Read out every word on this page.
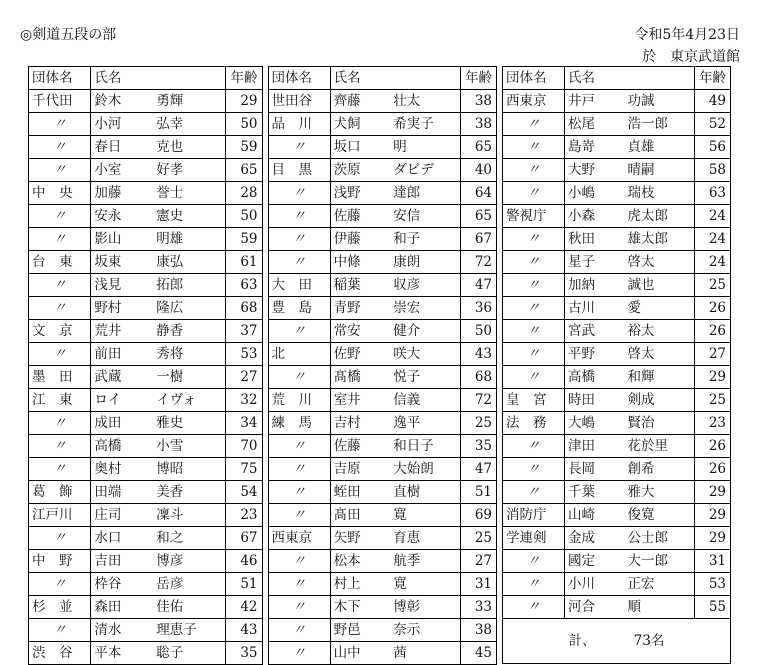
◎剣道五段の部	令和5年4月23日
於　東京武道館
団体名	氏名		年齢
千代田	鈴木	勇輝	29
〃	小河	弘幸	50
〃	春日	克也	59
〃	小室	好孝	65
中　央	加藤	誉士	28
〃	安永	憲史	50
〃	影山	明雄	59
台　東	坂東	康弘	61
〃	浅見	拓郎	63
〃	野村	隆広	68
文　京	荒井	静香	37
〃	前田	秀将	53
墨　田	武蔵	一樹	27
江　東	ロイ	イヴォ	32
〃	成田	雅史	34
〃	高橋	小雪	70
〃	奥村	博昭	75
葛　飾	田端	美香	54
江戸川	庄司	凜斗	23
〃	水口	和之	67
中　野	吉田	博彦	46
〃	枠谷	岳彦	51
杉　並	森田	佳佑	42
〃	清水	理恵子	43
渋　谷	平本	聡子	35
団体名	氏名		年齢
世田谷	齊藤	壮太	38
品　川	犬飼	希実子	38
〃	坂口	明	65
目　黒	茨原	ダビデ	40
〃	浅野	達郎	64
〃	佐藤	安信	65
〃	伊藤	和子	67
〃	中條	康朗	72
大　田	稲葉	収彦	47
豊　島	青野	崇宏	36
〃	常安	健介	50
北	佐野	咲大	43
〃	髙橋	悦子	68
荒　川	室井	信義	72
練　馬	吉村	逸平	25
〃	佐藤	和日子	35
〃	吉原	大始朗	47
〃	蛭田	直樹	51
〃	髙田	寛	69
西東京	矢野	育恵	25
〃	松本	航季	27
〃	村上	寛	31
〃	木下	博彰	33
〃	野邑	奈示	38
〃	山中	茜	45
団体名	氏名		年齢
西東京	井戸	功誠	49
〃	松尾	浩一郎	52
〃	島嵜	貞雄	56
〃	大野	晴嗣	58
〃	小嶋	瑞枝	63
警視庁	小森	虎太郎	24
〃	秋田	雄太郎	24
〃	星子	啓太	24
〃	加納	誠也	25
〃	古川	愛	26
〃	宮武	裕太	26
〃	平野	啓太	27
〃	高橋	和輝	29
皇　宮	時田	剣成	25
法　務	大嶋	賢治	23
〃	津田	花於里	26
〃	長岡	創希	26
〃	千葉	雅大	29
消防庁	山崎	俊寛	29
学連剣	金成	公士郎	29
〃	國定	大一郎	31
〃	小川	正宏	53
〃	河合	順	55
計、 73名			
